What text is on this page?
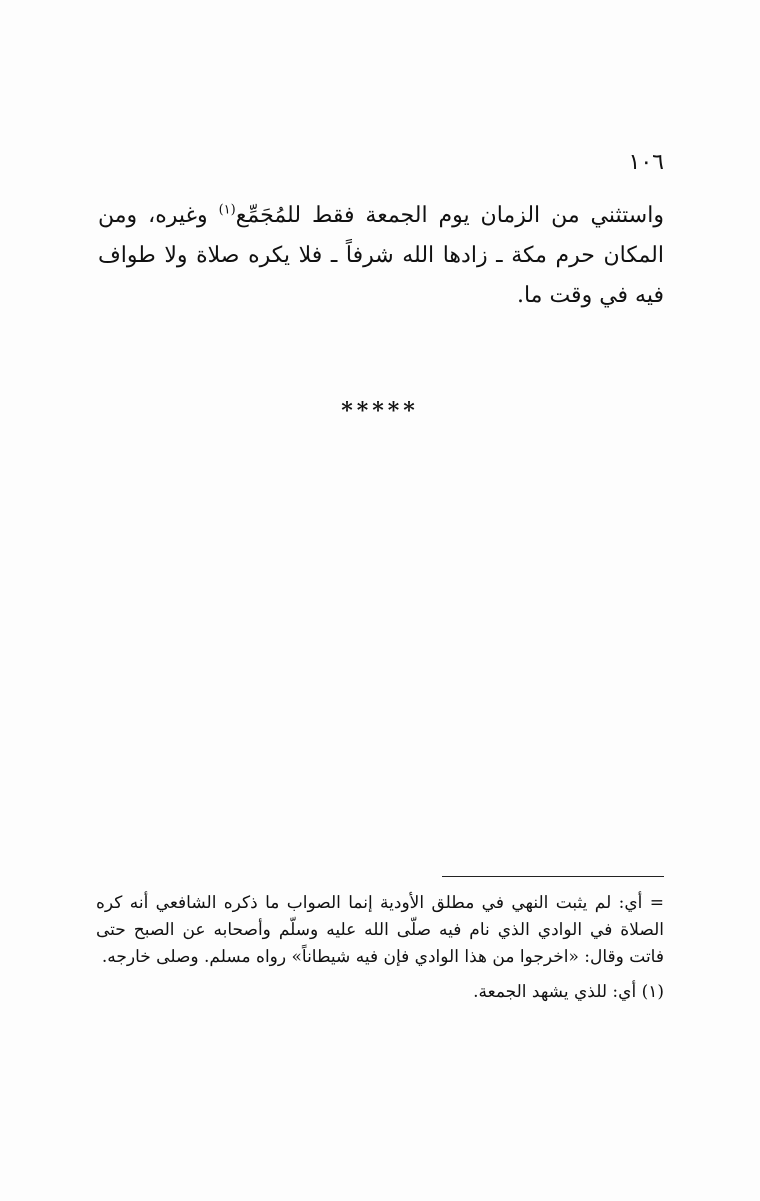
١٠٦

واستثني من الزمان يوم الجمعة فقط للمُجَمِّع$^{(١)}$ وغيره، ومن المكان حرم مكة ـ زادها الله شرفاً ـ فلا يكره صلاة ولا طواف فيه في وقت ما.

*****

= أي: لم يثبت النهي في مطلق الأودية إنما الصواب ما ذكره الشافعي أنه كره الصلاة في الوادي الذي نام فيه صلّى الله عليه وسلّم وأصحابه عن الصبح حتى فاتت وقال: «اخرجوا من هذا الوادي فإن فيه شيطاناً» رواه مسلم. وصلى خارجه.

(١) أي: للذي يشهد الجمعة.
